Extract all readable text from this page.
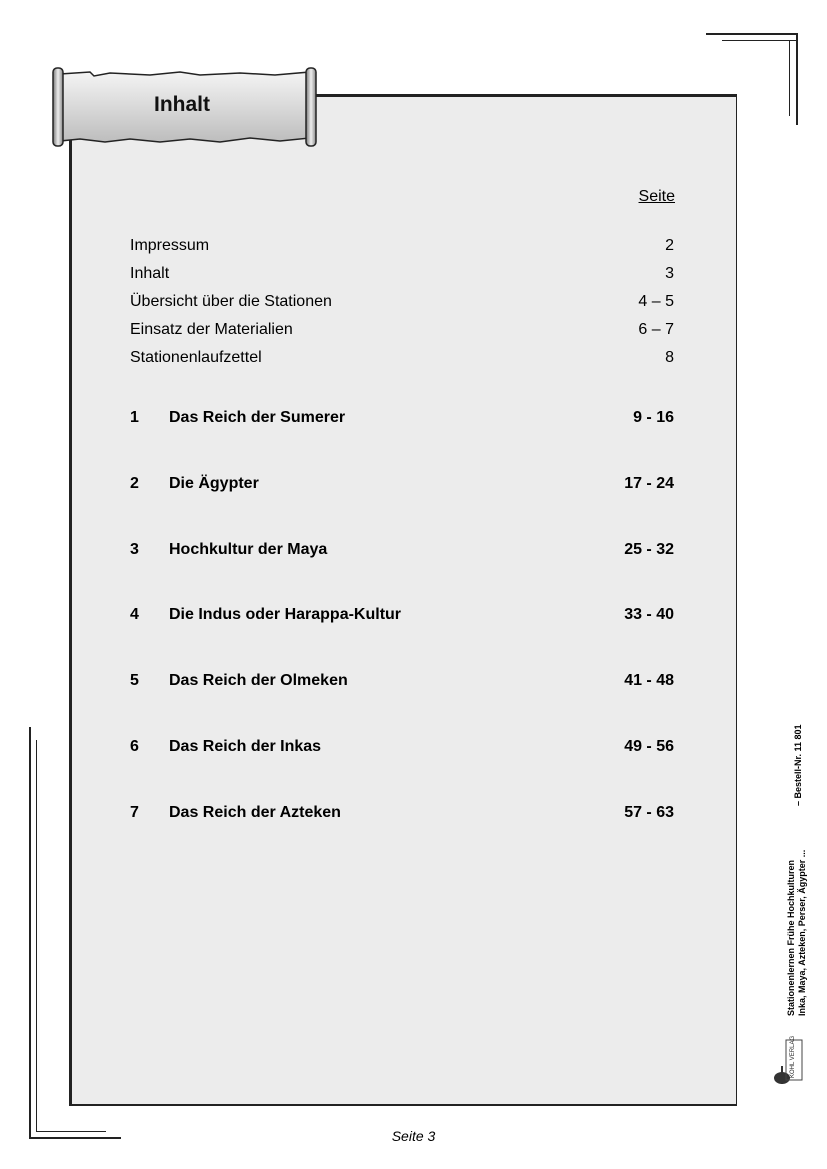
Inhalt
Seite
Impressum	2
Inhalt	3
Übersicht über die Stationen	4 – 5
Einsatz der Materialien	6 – 7
Stationenlaufzettel	8
1 Das Reich der Sumerer	9 - 16
2 Die Ägypter	17 - 24
3 Hochkultur der Maya	25 - 32
4 Die Indus oder Harappa-Kultur	33 - 40
5 Das Reich der Olmeken	41 - 48
6 Das Reich der Inkas	49 - 56
7 Das Reich der Azteken	57 - 63
Stationenlernen Frühe Hochkulturen Inka, Maya, Azteken, Perser, Ägypter ...
– Bestell-Nr. 11 801
KOHL VERLAG
Seite 3
